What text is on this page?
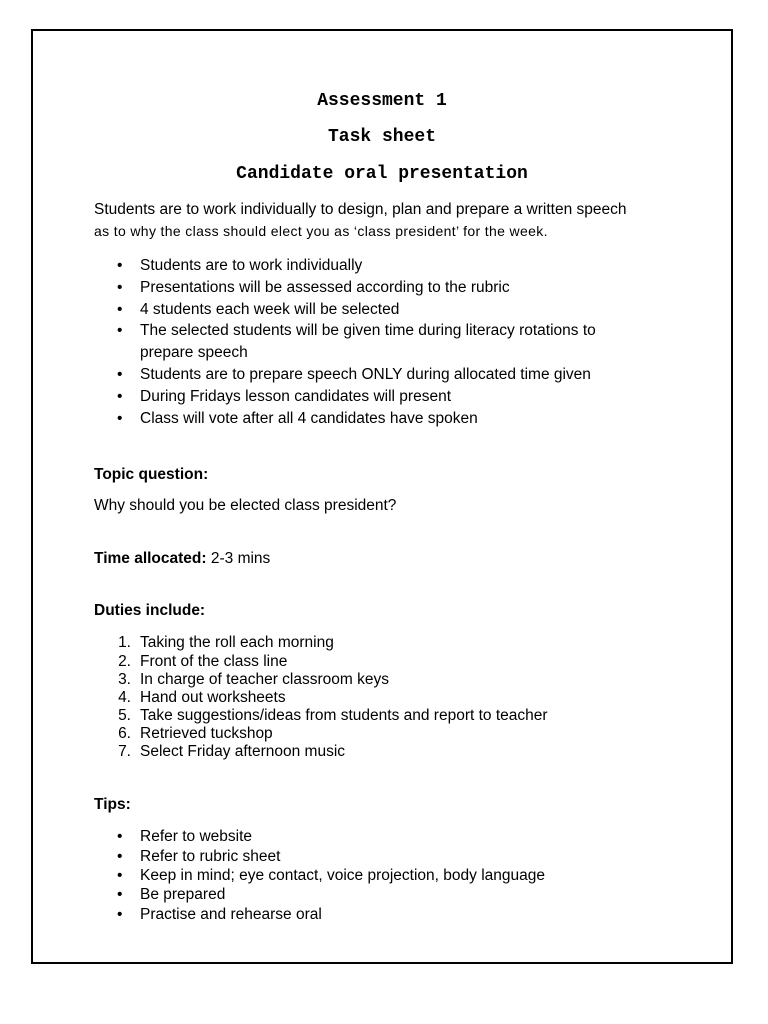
Assessment 1
Task sheet
Candidate oral presentation
Students are to work individually to design, plan and prepare a written speech
as to why the class should elect you as ‘class president’ for the week.
• Students are to work individually
• Presentations will be assessed according to the rubric
• 4 students each week will be selected
• The selected students will be given time during literacy rotations to
prepare speech
• Students are to prepare speech ONLY during allocated time given
• During Fridays lesson candidates will present
• Class will vote after all 4 candidates have spoken
Topic question:
Why should you be elected class president?
Time allocated: 2-3 mins
Duties include:
1. Taking the roll each morning
2. Front of the class line
3. In charge of teacher classroom keys
4. Hand out worksheets
5. Take suggestions/ideas from students and report to teacher
6. Retrieved tuckshop
7. Select Friday afternoon music
Tips:
• Refer to website
• Refer to rubric sheet
• Keep in mind; eye contact, voice projection, body language
• Be prepared
• Practise and rehearse oral
